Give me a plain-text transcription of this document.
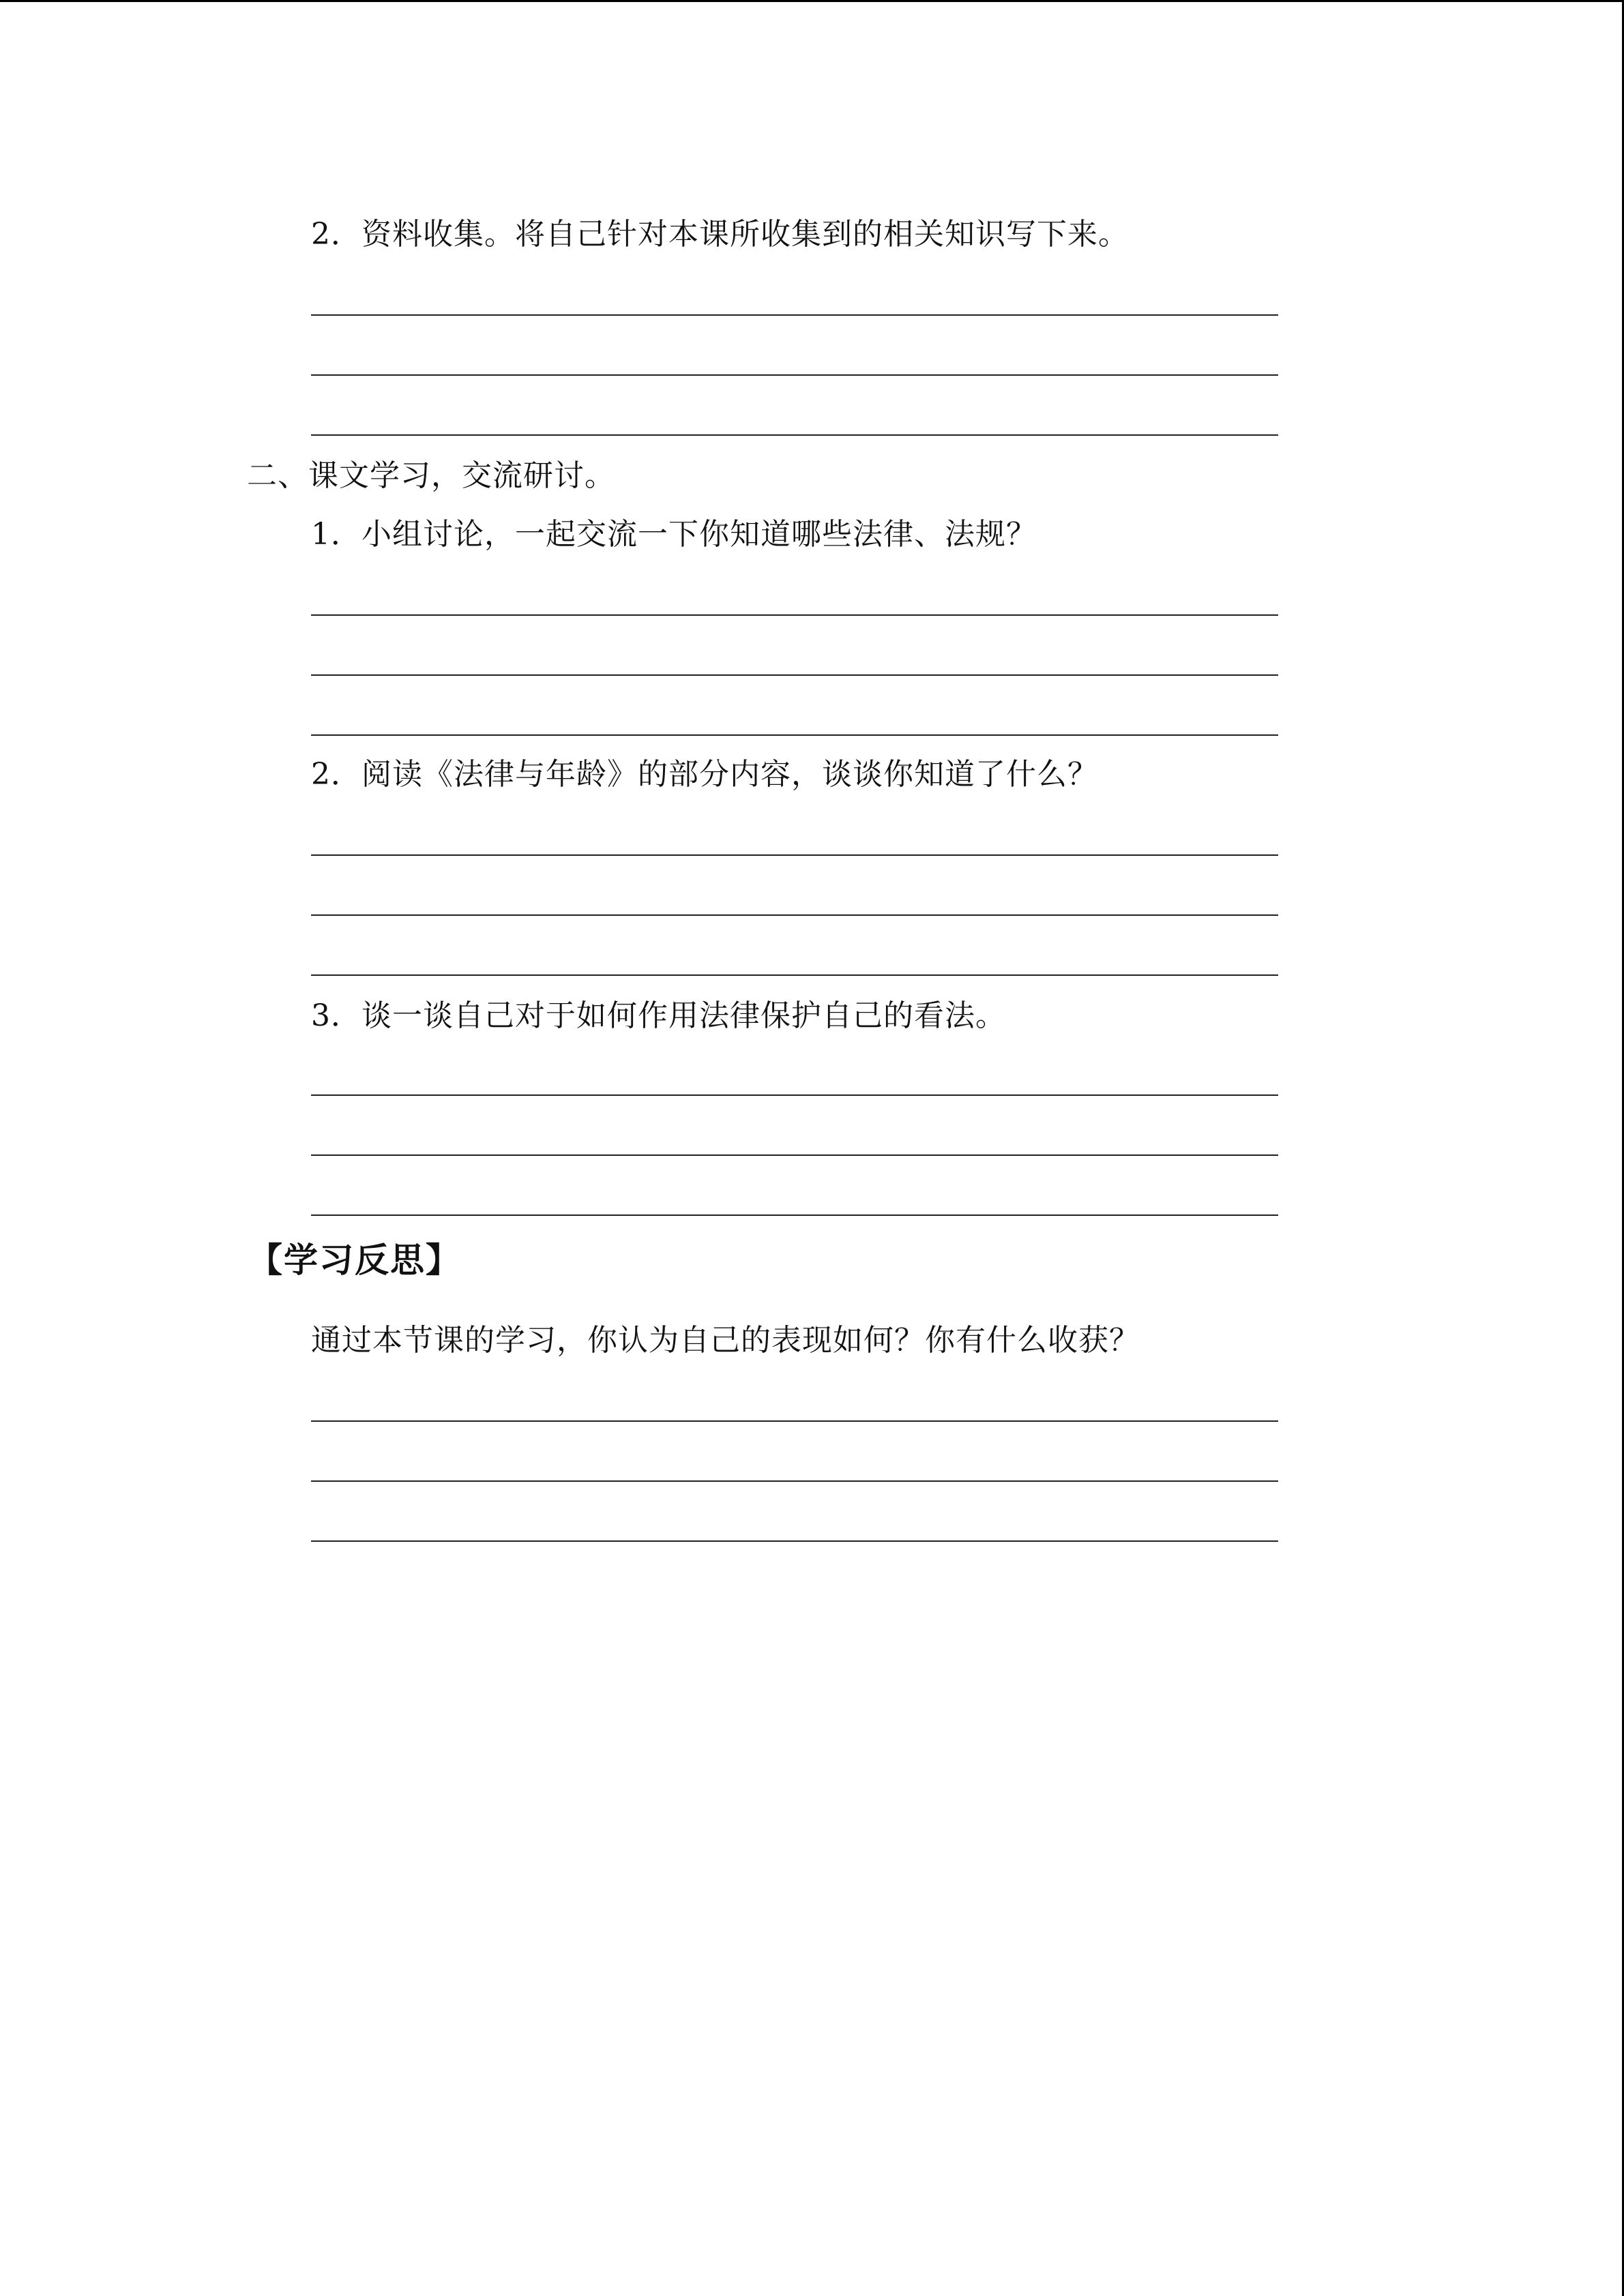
2．资料收集。将自己针对本课所收集到的相关知识写下来。
二、课文学习，交流研讨。
1．小组讨论，一起交流一下你知道哪些法律、法规？
2．阅读《法律与年龄》的部分内容，谈谈你知道了什么？
3．谈一谈自己对于如何作用法律保护自己的看法。
【学习反思】
通过本节课的学习，你认为自己的表现如何？你有什么收获？
